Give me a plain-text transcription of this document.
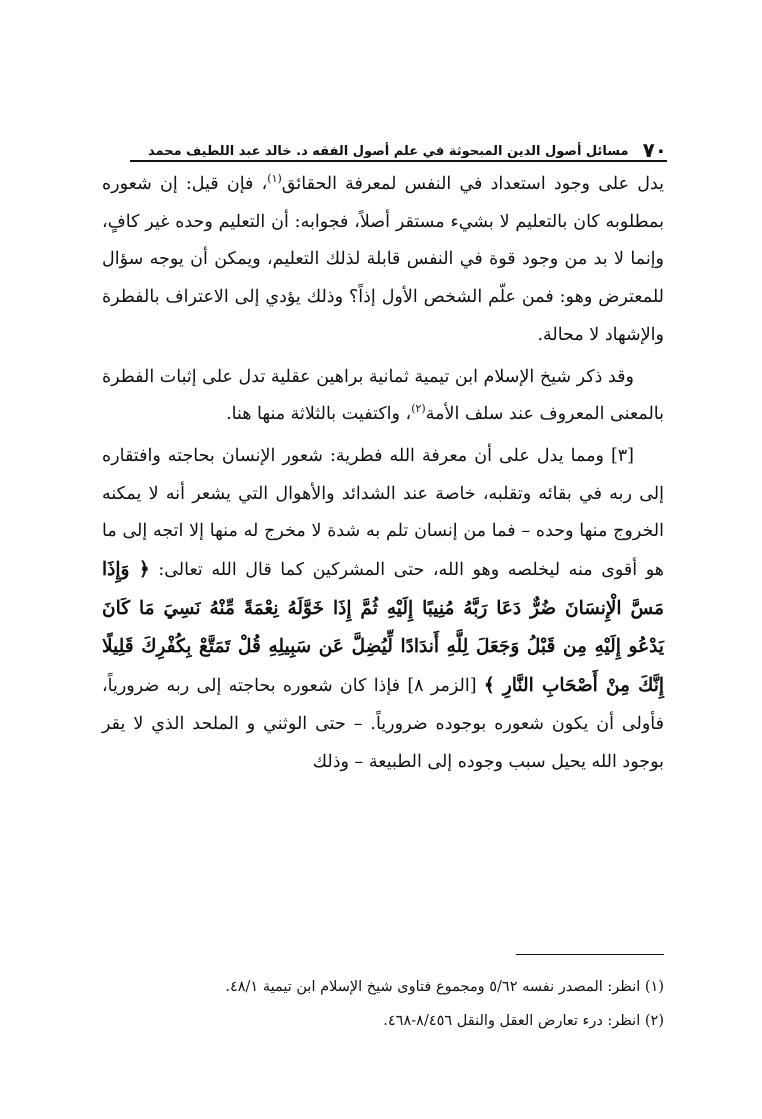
٧٠
مسائل أصول الدين المبحوثة في علم أصول الفقه د. خالد عبد اللطيف محمد

يدل على وجود استعداد في النفس لمعرفة الحقائق$^{(١)}$، فإن قيل: إن شعوره بمطلوبه كان بالتعليم لا بشيء مستقر أصلاً، فجوابه: أن التعليم وحده غير كافٍ، وإنما لا بد من وجود قوة في النفس قابلة لذلك التعليم، ويمكن أن يوجه سؤال للمعترض وهو: فمن علّم الشخص الأول إذاً؟ وذلك يؤدي إلى الاعتراف بالفطرة والإشهاد لا محالة.

وقد ذكر شيخ الإسلام ابن تيمية ثمانية براهين عقلية تدل على إثبات الفطرة بالمعنى المعروف عند سلف الأمة$^{(٢)}$، واكتفيت بالثلاثة منها هنا.

[٣] ومما يدل على أن معرفة الله فطرية: شعور الإنسان بحاجته وافتقاره إلى ربه في بقائه وتقلبه، خاصة عند الشدائد والأهوال التي يشعر أنه لا يمكنه الخروج منها وحده – فما من إنسان تلم به شدة لا مخرج له منها إلا اتجه إلى ما هو أقوى منه ليخلصه وهو الله، حتى المشركين كما قال الله تعالى: ﴿ وَإِذَا مَسَّ الْإِنسَانَ ضُرٌّ دَعَا رَبَّهُ مُنِيبًا إِلَيْهِ ثُمَّ إِذَا خَوَّلَهُ نِعْمَةً مِّنْهُ نَسِيَ مَا كَانَ يَدْعُو إِلَيْهِ مِن قَبْلُ وَجَعَلَ لِلَّهِ أَندَادًا لِّيُضِلَّ عَن سَبِيلِهِ قُلْ تَمَتَّعْ بِكُفْرِكَ قَلِيلًا إِنَّكَ مِنْ أَصْحَابِ النَّارِ ﴾ [الزمر ٨] فإذا كان شعوره بحاجته إلى ربه ضرورياً، فأولى أن يكون شعوره بوجوده ضرورياً. – حتى الوثني و الملحد الذي لا يقر بوجود الله يحيل سبب وجوده إلى الطبيعة – وذلك

(١) انظر: المصدر نفسه ٥/٦٢ ومجموع فتاوى شيخ الإسلام ابن تيمية ٤٨/١.

(٢) انظر: درء تعارض العقل والنقل ٨/٤٥٦-٤٦٨.
